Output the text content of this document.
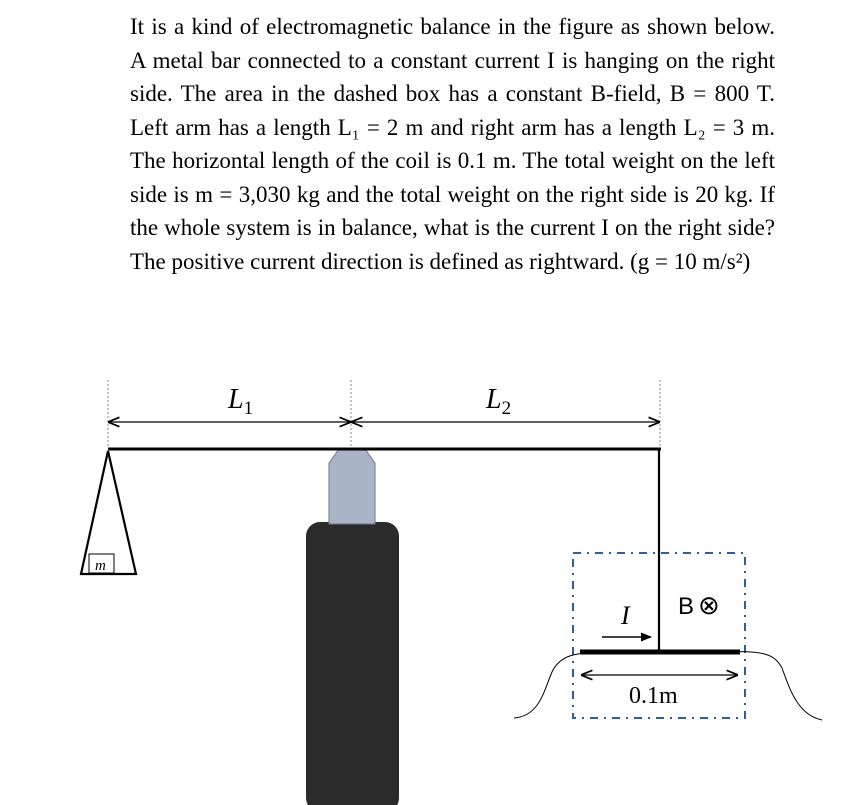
It is a kind of electromagnetic balance in the figure as shown below. A metal bar connected to a constant current I is hanging on the right side. The area in the dashed box has a constant B-field, B = 800 T. Left arm has a length L₁ = 2 m and right arm has a length L₂ = 3 m. The horizontal length of the coil is 0.1 m. The total weight on the left side is m = 3,030 kg and the total weight on the right side is 20 kg. If the whole system is in balance, what is the current I on the right side? The positive current direction is defined as rightward. (g = 10 m/s²)

$L_1$	$L_2$
m
0.1m
I B ⊗
